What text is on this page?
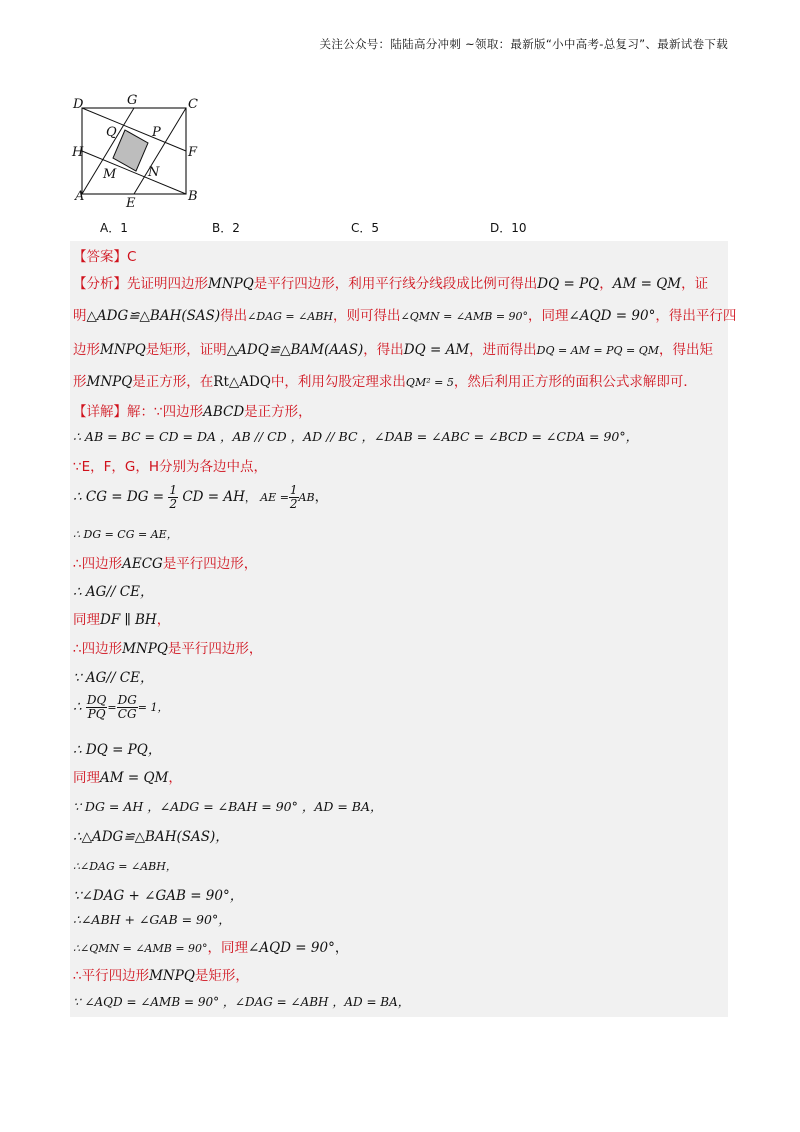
关注公众号：陆陆高分冲刺 ~领取：最新版“小中高考-总复习”、最新试卷下载
D	G	C
Q	P
H	F
M N
A	E	B
A．1	B．2	C．5	D．10
【答案】C
【分析】先证明四边形MNPQ是平行四边形，利用平行线分线段成比例可得出DQ = PQ，AM = QM，证
明△ADG≌△BAH(SAS)得出∠DAG = ∠ABH，则可得出∠QMN = ∠AMB = 90°，同理∠AQD = 90°，得出平行四
边形MNPQ是矩形，证明△ADQ≌△BAM(AAS)，得出DQ = AM，进而得出DQ = AM = PQ = QM，得出矩
形MNPQ是正方形，在Rt△ADQ中，利用勾股定理求出QM² = 5，然后利用正方形的面积公式求解即可．
【详解】解：∵四边形ABCD是正方形，
∴ AB = BC = CD = DA ，AB // CD ，AD // BC ，∠DAB = ∠ABC = ∠BCD = ∠CDA = 90°，
∵E，F，G，H分别为各边中点，
∴ CG = DG = $\frac{1}{2}$ CD = AH， AE = $\frac{1}{2}$ AB，
∴ DG = CG = AE，
∴四边形AECG是平行四边形，
∴ AG// CE，
同理DF ∥ BH，
∴四边形MNPQ是平行四边形，
∵ AG// CE，
∴ $\frac{DQ}{PQ} = \frac{DG}{CG} = 1$，
∴ DQ = PQ，
同理AM = QM，
∵ DG = AH ，∠ADG = ∠BAH = 90° ，AD = BA，
∴△ADG≌△BAH(SAS)，
∴∠DAG = ∠ABH，
∵∠DAG + ∠GAB = 90°，
∴∠ABH + ∠GAB = 90°，
∴∠QMN = ∠AMB = 90°，同理∠AQD = 90°，
∴平行四边形MNPQ是矩形，
∵ ∠AQD = ∠AMB = 90° ，∠DAG = ∠ABH ，AD = BA，
